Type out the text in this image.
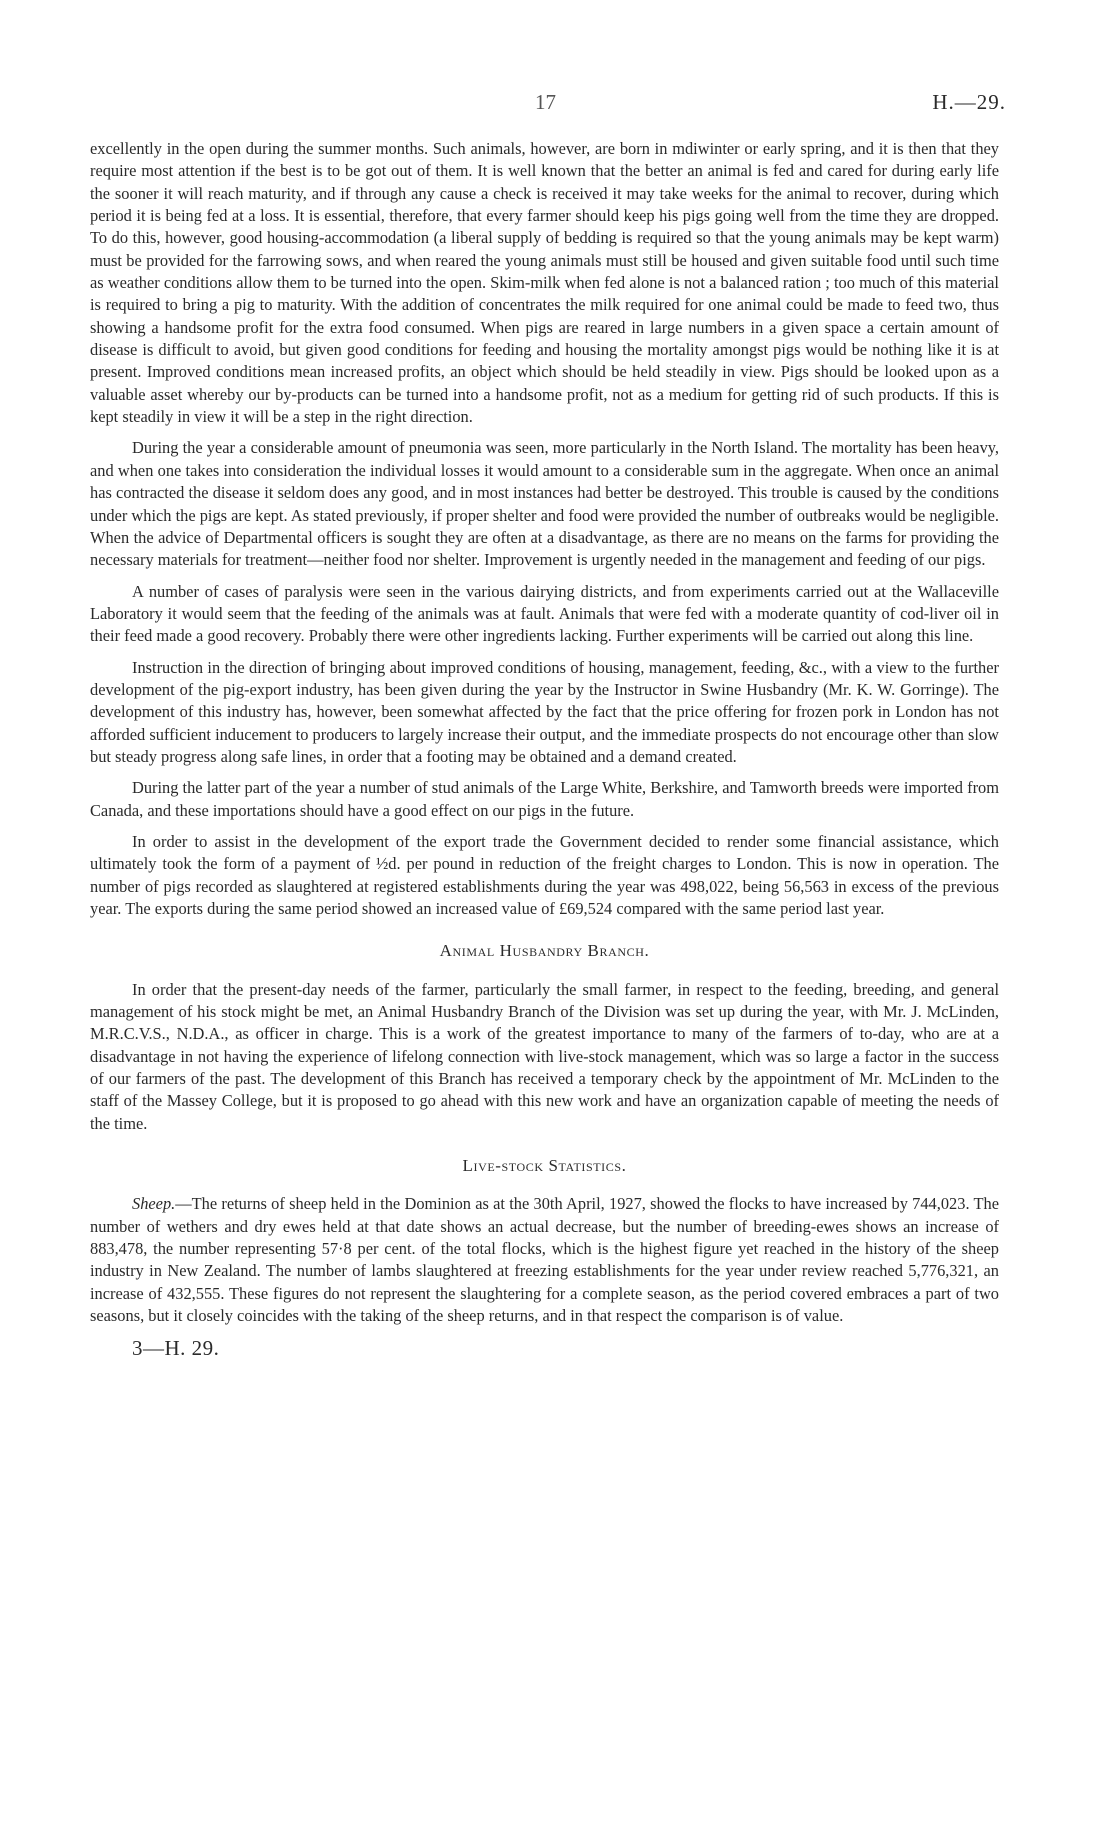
17	H.—29.

excellently in the open during the summer months. Such animals, however, are born in mdiwinter or early spring, and it is then that they require most attention if the best is to be got out of them. It is well known that the better an animal is fed and cared for during early life the sooner it will reach maturity, and if through any cause a check is received it may take weeks for the animal to recover, during which period it is being fed at a loss. It is essential, therefore, that every farmer should keep his pigs going well from the time they are dropped. To do this, however, good housing-accommodation (a liberal supply of bedding is required so that the young animals may be kept warm) must be provided for the farrowing sows, and when reared the young animals must still be housed and given suitable food until such time as weather conditions allow them to be turned into the open. Skim-milk when fed alone is not a balanced ration ; too much of this material is required to bring a pig to maturity. With the addition of concentrates the milk required for one animal could be made to feed two, thus showing a handsome profit for the extra food consumed. When pigs are reared in large numbers in a given space a certain amount of disease is difficult to avoid, but given good conditions for feeding and housing the mortality amongst pigs would be nothing like it is at present. Improved conditions mean increased profits, an object which should be held steadily in view. Pigs should be looked upon as a valuable asset whereby our by-products can be turned into a handsome profit, not as a medium for getting rid of such products. If this is kept steadily in view it will be a step in the right direction.

During the year a considerable amount of pneumonia was seen, more particularly in the North Island. The mortality has been heavy, and when one takes into consideration the individual losses it would amount to a considerable sum in the aggregate. When once an animal has contracted the disease it seldom does any good, and in most instances had better be destroyed. This trouble is caused by the conditions under which the pigs are kept. As stated previously, if proper shelter and food were provided the number of outbreaks would be negligible. When the advice of Departmental officers is sought they are often at a disadvantage, as there are no means on the farms for providing the necessary materials for treatment—neither food nor shelter. Improvement is urgently needed in the management and feeding of our pigs.

A number of cases of paralysis were seen in the various dairying districts, and from experiments carried out at the Wallaceville Laboratory it would seem that the feeding of the animals was at fault. Animals that were fed with a moderate quantity of cod-liver oil in their feed made a good recovery. Probably there were other ingredients lacking. Further experiments will be carried out along this line.

Instruction in the direction of bringing about improved conditions of housing, management, feeding, &c., with a view to the further development of the pig-export industry, has been given during the year by the Instructor in Swine Husbandry (Mr. K. W. Gorringe). The development of this industry has, however, been somewhat affected by the fact that the price offering for frozen pork in London has not afforded sufficient inducement to producers to largely increase their output, and the immediate prospects do not encourage other than slow but steady progress along safe lines, in order that a footing may be obtained and a demand created.

During the latter part of the year a number of stud animals of the Large White, Berkshire, and Tamworth breeds were imported from Canada, and these importations should have a good effect on our pigs in the future.

In order to assist in the development of the export trade the Government decided to render some financial assistance, which ultimately took the form of a payment of ½d. per pound in reduction of the freight charges to London. This is now in operation. The number of pigs recorded as slaughtered at registered establishments during the year was 498,022, being 56,563 in excess of the previous year. The exports during the same period showed an increased value of £69,524 compared with the same period last year.

Animal Husbandry Branch.

In order that the present-day needs of the farmer, particularly the small farmer, in respect to the feeding, breeding, and general management of his stock might be met, an Animal Husbandry Branch of the Division was set up during the year, with Mr. J. McLinden, M.R.C.V.S., N.D.A., as officer in charge. This is a work of the greatest importance to many of the farmers of to-day, who are at a disadvantage in not having the experience of lifelong connection with live-stock management, which was so large a factor in the success of our farmers of the past. The development of this Branch has received a temporary check by the appointment of Mr. McLinden to the staff of the Massey College, but it is proposed to go ahead with this new work and have an organization capable of meeting the needs of the time.

Live-stock Statistics.

Sheep.—The returns of sheep held in the Dominion as at the 30th April, 1927, showed the flocks to have increased by 744,023. The number of wethers and dry ewes held at that date shows an actual decrease, but the number of breeding-ewes shows an increase of 883,478, the number representing 57·8 per cent. of the total flocks, which is the highest figure yet reached in the history of the sheep industry in New Zealand. The number of lambs slaughtered at freezing establishments for the year under review reached 5,776,321, an increase of 432,555. These figures do not represent the slaughtering for a complete season, as the period covered embraces a part of two seasons, but it closely coincides with the taking of the sheep returns, and in that respect the comparison is of value.

3—H. 29.
